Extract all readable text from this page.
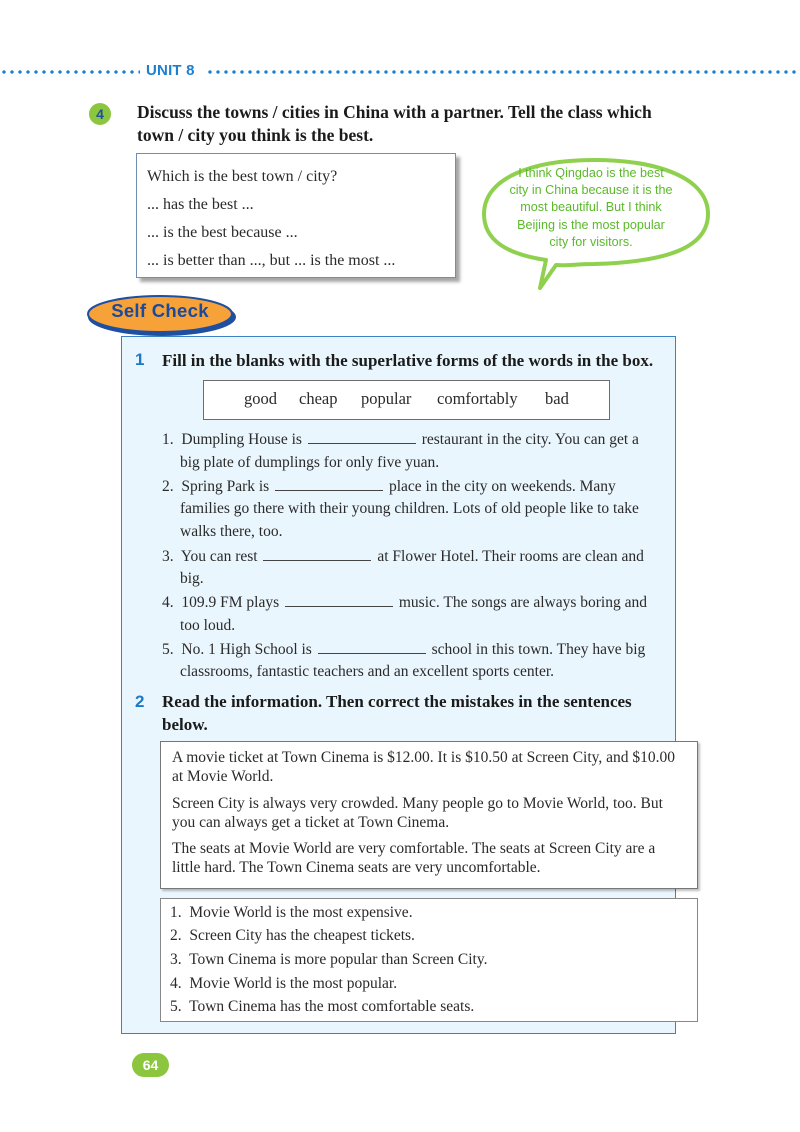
UNIT 8
4	Discuss the towns / cities in China with a partner. Tell the class which
town / city you think is the best.
Which is the best town / city?
... has the best ...
... is the best because ...
... is better than ..., but ... is the most ...
I think Qingdao is the best
city in China because it is the
most beautiful. But I think
Beijing is the most popular
city for visitors.
Self Check
1 Fill in the blanks with the superlative forms of the words in the box.
good cheap popular comfortably bad
1. Dumpling House is	restaurant in the city. You can get a
big plate of dumplings for only five yuan.
2. Spring Park is	place in the city on weekends. Many
families go there with their young children. Lots of old people like to take
walks there, too.
3. You can rest	at Flower Hotel. Their rooms are clean and
big.
4. 109.9 FM plays	music. The songs are always boring and
too loud.
5. No. 1 High School is	school in this town. They have big
classrooms, fantastic teachers and an excellent sports center.
2 Read the information. Then correct the mistakes in the sentences
below.
A movie ticket at Town Cinema is $12.00. It is $10.50 at Screen City, and $10.00
at Movie World.
Screen City is always very crowded. Many people go to Movie World, too. But
you can always get a ticket at Town Cinema.
The seats at Movie World are very comfortable. The seats at Screen City are a
little hard. The Town Cinema seats are very uncomfortable.
1.  Movie World is the most expensive.
2.  Screen City has the cheapest tickets.
3.  Town Cinema is more popular than Screen City.
4.  Movie World is the most popular.
5.  Town Cinema has the most comfortable seats.
64
